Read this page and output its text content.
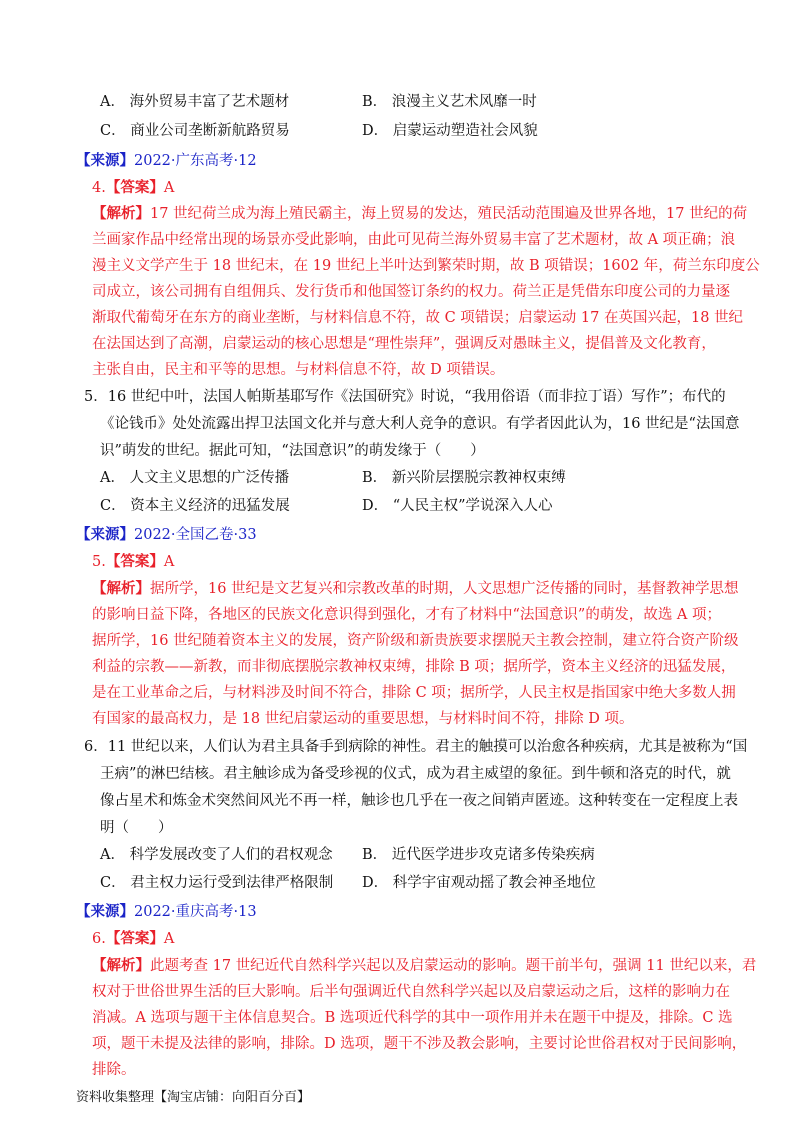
A． 海外贸易丰富了艺术题材	B． 浪漫主义艺术风靡一时
C． 商业公司垄断新航路贸易	D． 启蒙运动塑造社会风貌
【来源】2022·广东高考·12
4.【答案】A
【解析】17 世纪荷兰成为海上殖民霸主，海上贸易的发达，殖民活动范围遍及世界各地，17 世纪的荷
兰画家作品中经常出现的场景亦受此影响，由此可见荷兰海外贸易丰富了艺术题材，故 A 项正确；浪
漫主义文学产生于 18 世纪末，在 19 世纪上半叶达到繁荣时期，故 B 项错误；1602 年，荷兰东印度公
司成立，该公司拥有自组佣兵、发行货币和他国签订条约的权力。荷兰正是凭借东印度公司的力量逐
渐取代葡萄牙在东方的商业垄断，与材料信息不符，故 C 项错误；启蒙运动 17 在英国兴起，18 世纪
在法国达到了高潮，启蒙运动的核心思想是“理性崇拜”，强调反对愚昧主义，提倡普及文化教育，
主张自由，民主和平等的思想。与材料信息不符，故 D 项错误。
5．16 世纪中叶，法国人帕斯基耶写作《法国研究》时说，“我用俗语（而非拉丁语）写作”；布代的
《论钱币》处处流露出捍卫法国文化并与意大利人竞争的意识。有学者因此认为，16 世纪是“法国意
识”萌发的世纪。据此可知，“法国意识”的萌发缘于（　　）
A． 人文主义思想的广泛传播	B． 新兴阶层摆脱宗教神权束缚
C． 资本主义经济的迅猛发展	D． “人民主权”学说深入人心
【来源】2022·全国乙卷·33
5.【答案】A
【解析】据所学，16 世纪是文艺复兴和宗教改革的时期，人文思想广泛传播的同时，基督教神学思想
的影响日益下降，各地区的民族文化意识得到强化，才有了材料中“法国意识”的萌发，故选 A 项；
据所学，16 世纪随着资本主义的发展，资产阶级和新贵族要求摆脱天主教会控制，建立符合资产阶级
利益的宗教——新教，而非彻底摆脱宗教神权束缚，排除 B 项；据所学，资本主义经济的迅猛发展，
是在工业革命之后，与材料涉及时间不符合，排除 C 项；据所学，人民主权是指国家中绝大多数人拥
有国家的最高权力，是 18 世纪启蒙运动的重要思想，与材料时间不符，排除 D 项。
6．11 世纪以来，人们认为君主具备手到病除的神性。君主的触摸可以治愈各种疾病，尤其是被称为“国
王病”的淋巴结核。君主触诊成为备受珍视的仪式，成为君主威望的象征。到牛顿和洛克的时代，就
像占星术和炼金术突然间风光不再一样，触诊也几乎在一夜之间销声匿迹。这种转变在一定程度上表
明（　　）
A． 科学发展改变了人们的君权观念 B． 近代医学进步攻克诸多传染疾病
C． 君主权力运行受到法律严格限制 D． 科学宇宙观动摇了教会神圣地位
【来源】2022·重庆高考·13
6.【答案】A
【解析】此题考查 17 世纪近代自然科学兴起以及启蒙运动的影响。题干前半句，强调 11 世纪以来，君
权对于世俗世界生活的巨大影响。后半句强调近代自然科学兴起以及启蒙运动之后，这样的影响力在
消减。A 选项与题干主体信息契合。B 选项近代科学的其中一项作用并未在题干中提及，排除。C 选
项，题干未提及法律的影响，排除。D 选项，题干不涉及教会影响，主要讨论世俗君权对于民间影响，
排除。
资料收集整理【淘宝店铺：向阳百分百】
